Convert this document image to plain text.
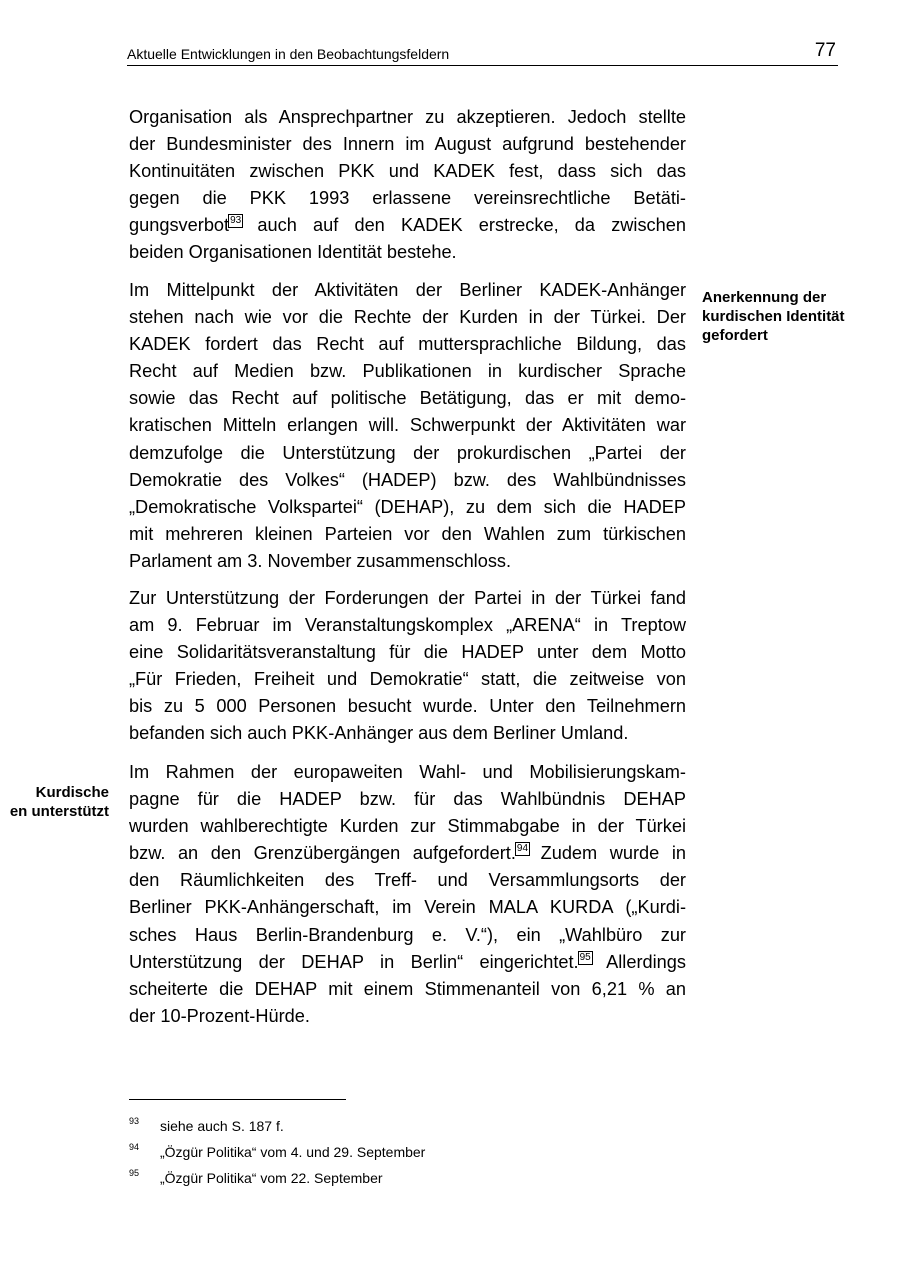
Aktuelle Entwicklungen in den Beobachtungsfeldern	77
Organisation als Ansprechpartner zu akzeptieren. Jedoch stellte
der Bundesminister des Innern im August aufgrund bestehender
Kontinuitäten zwischen PKK und KADEK fest, dass sich das
gegen die PKK 1993 erlassene vereinsrechtliche Betäti-
gungsverbot93 auch auf den KADEK erstrecke, da zwischen
beiden Organisationen Identität bestehe.
Im Mittelpunkt der Aktivitäten der Berliner KADEK-Anhänger
stehen nach wie vor die Rechte der Kurden in der Türkei. Der
KADEK fordert das Recht auf muttersprachliche Bildung, das
Recht auf Medien bzw. Publikationen in kurdischer Sprache
sowie das Recht auf politische Betätigung, das er mit demo-
kratischen Mitteln erlangen will. Schwerpunkt der Aktivitäten war
demzufolge die Unterstützung der prokurdischen „Partei der
Demokratie des Volkes“ (HADEP) bzw. des Wahlbündnisses
„Demokratische Volkspartei“ (DEHAP), zu dem sich die HADEP
mit mehreren kleinen Parteien vor den Wahlen zum türkischen
Parlament am 3. November zusammenschloss.
Zur Unterstützung der Forderungen der Partei in der Türkei fand
am 9. Februar im Veranstaltungskomplex „ARENA“ in Treptow
eine Solidaritätsveranstaltung für die HADEP unter dem Motto
„Für Frieden, Freiheit und Demokratie“ statt, die zeitweise von
bis zu 5 000 Personen besucht wurde. Unter den Teilnehmern
befanden sich auch PKK-Anhänger aus dem Berliner Umland.
Im Rahmen der europaweiten Wahl- und Mobilisierungskam-
pagne für die HADEP bzw. für das Wahlbündnis DEHAP
wurden wahlberechtigte Kurden zur Stimmabgabe in der Türkei
bzw. an den Grenzübergängen aufgefordert.94 Zudem wurde in
den Räumlichkeiten des Treff- und Versammlungsorts der
Berliner PKK-Anhängerschaft, im Verein MALA KURDA („Kurdi-
sches Haus Berlin-Brandenburg e. V.“), ein „Wahlbüro zur
Unterstützung der DEHAP in Berlin“ eingerichtet.95 Allerdings
scheiterte die DEHAP mit einem Stimmenanteil von 6,21 % an
der 10-Prozent-Hürde.
Anerkennung der
kurdischen Identität
gefordert
Kurdische
en unterstützt
93 siehe auch S. 187 f.
94 „Özgür Politika“ vom 4. und 29. September
95 „Özgür Politika“ vom 22. September
